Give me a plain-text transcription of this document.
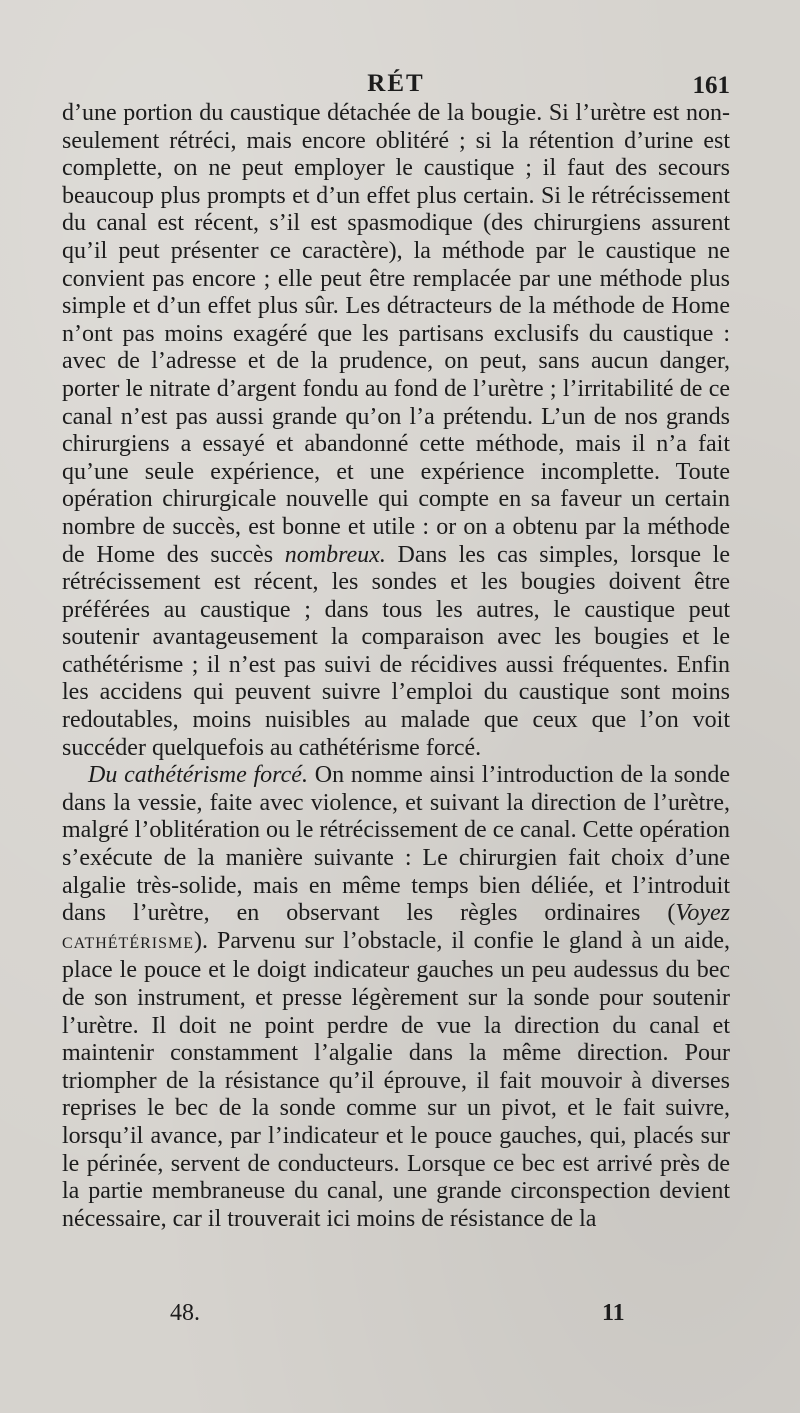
RÉT	161

d’une portion du caustique détachée de la bougie. Si l’urètre est non-seulement rétréci, mais encore oblitéré ; si la rétention d’urine est complette, on ne peut employer le caustique ; il faut des secours beaucoup plus prompts et d’un effet plus certain. Si le rétrécissement du canal est récent, s’il est spasmodique (des chirurgiens assurent qu’il peut présenter ce caractère), la méthode par le caustique ne convient pas encore ; elle peut être remplacée par une méthode plus simple et d’un effet plus sûr. Les détracteurs de la méthode de Home n’ont pas moins exagéré que les partisans exclusifs du caustique : avec de l’adresse et de la prudence, on peut, sans aucun danger, porter le nitrate d’argent fondu au fond de l’urètre ; l’irritabilité de ce canal n’est pas aussi grande qu’on l’a prétendu. L’un de nos grands chirurgiens a essayé et abandonné cette méthode, mais il n’a fait qu’une seule expérience, et une expérience incomplette. Toute opération chirurgicale nouvelle qui compte en sa faveur un certain nombre de succès, est bonne et utile : or on a obtenu par la méthode de Home des succès nombreux. Dans les cas simples, lorsque le rétrécissement est récent, les sondes et les bougies doivent être préférées au caustique ; dans tous les autres, le caustique peut soutenir avantageusement la comparaison avec les bougies et le cathétérisme ; il n’est pas suivi de récidives aussi fréquentes. Enfin les accidens qui peuvent suivre l’emploi du caustique sont moins redoutables, moins nuisibles au malade que ceux que l’on voit succéder quelquefois au cathétérisme forcé.

Du cathétérisme forcé. On nomme ainsi l’introduction de la sonde dans la vessie, faite avec violence, et suivant la direction de l’urètre, malgré l’oblitération ou le rétrécissement de ce canal. Cette opération s’exécute de la manière suivante : Le chirurgien fait choix d’une algalie très-solide, mais en même temps bien déliée, et l’introduit dans l’urètre, en observant les règles ordinaires (Voyez CATHÉTÉRISME). Parvenu sur l’obstacle, il confie le gland à un aide, place le pouce et le doigt indicateur gauches un peu audessus du bec de son instrument, et presse légèrement sur la sonde pour soutenir l’urètre. Il doit ne point perdre de vue la direction du canal et maintenir constamment l’algalie dans la même direction. Pour triompher de la résistance qu’il éprouve, il fait mouvoir à diverses reprises le bec de la sonde comme sur un pivot, et le fait suivre, lorsqu’il avance, par l’indicateur et le pouce gauches, qui, placés sur le périnée, servent de conducteurs. Lorsque ce bec est arrivé près de la partie membraneuse du canal, une grande circonspection devient nécessaire, car il trouverait ici moins de résistance de la

48.	11
